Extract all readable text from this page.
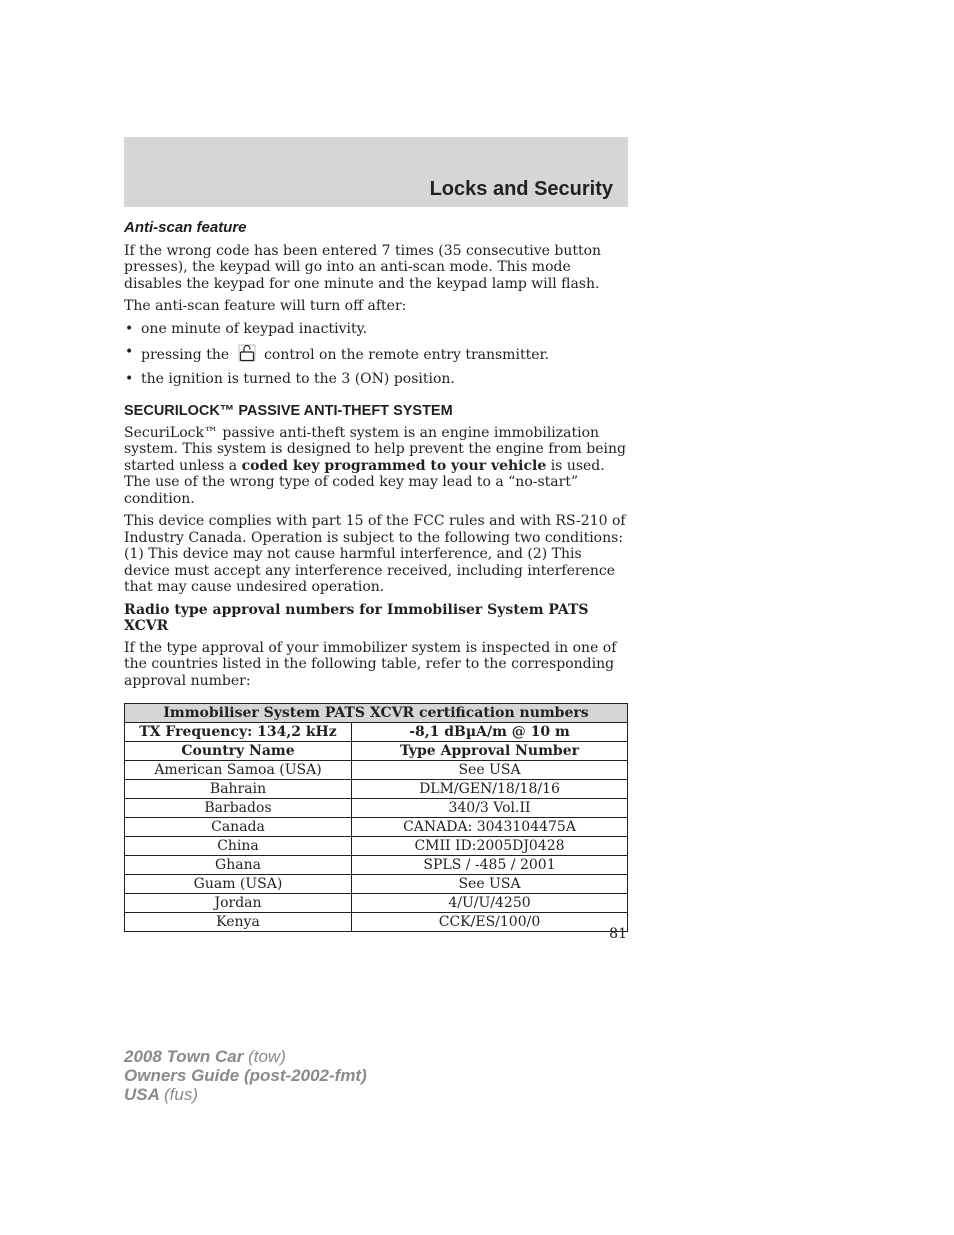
Locks and Security
Anti-scan feature

If the wrong code has been entered 7 times (35 consecutive button presses), the keypad will go into an anti-scan mode. This mode disables the keypad for one minute and the keypad lamp will flash.

The anti-scan feature will turn off after:

• one minute of keypad inactivity.
• pressing the control on the remote entry transmitter.
• the ignition is turned to the 3 (ON) position.
SECURILOCK™ PASSIVE ANTI-THEFT SYSTEM

SecuriLock™ passive anti-theft system is an engine immobilization system. This system is designed to help prevent the engine from being started unless a coded key programmed to your vehicle is used. The use of the wrong type of coded key may lead to a “no-start” condition.

This device complies with part 15 of the FCC rules and with RS-210 of Industry Canada. Operation is subject to the following two conditions: (1) This device may not cause harmful interference, and (2) This device must accept any interference received, including interference that may cause undesired operation.

Radio type approval numbers for Immobiliser System PATS XCVR

If the type approval of your immobilizer system is inspected in one of the countries listed in the following table, refer to the corresponding approval number:

Immobiliser System PATS XCVR certification numbers	
TX Frequency: 134,2 kHz	-8,1 dBµA/m @ 10 m
Country Name	Type Approval Number
American Samoa (USA)	See USA
Bahrain	DLM/GEN/18/18/16
Barbados	340/3 Vol.II
Canada	CANADA: 3043104475A
China	CMII ID:2005DJ0428
Ghana	SPLS / -485 / 2001
Guam (USA)	See USA
Jordan	4/U/U/4250
Kenya	CCK/ES/100/0
81
2008 Town Car (tow)
Owners Guide (post-2002-fmt)
USA (fus)
